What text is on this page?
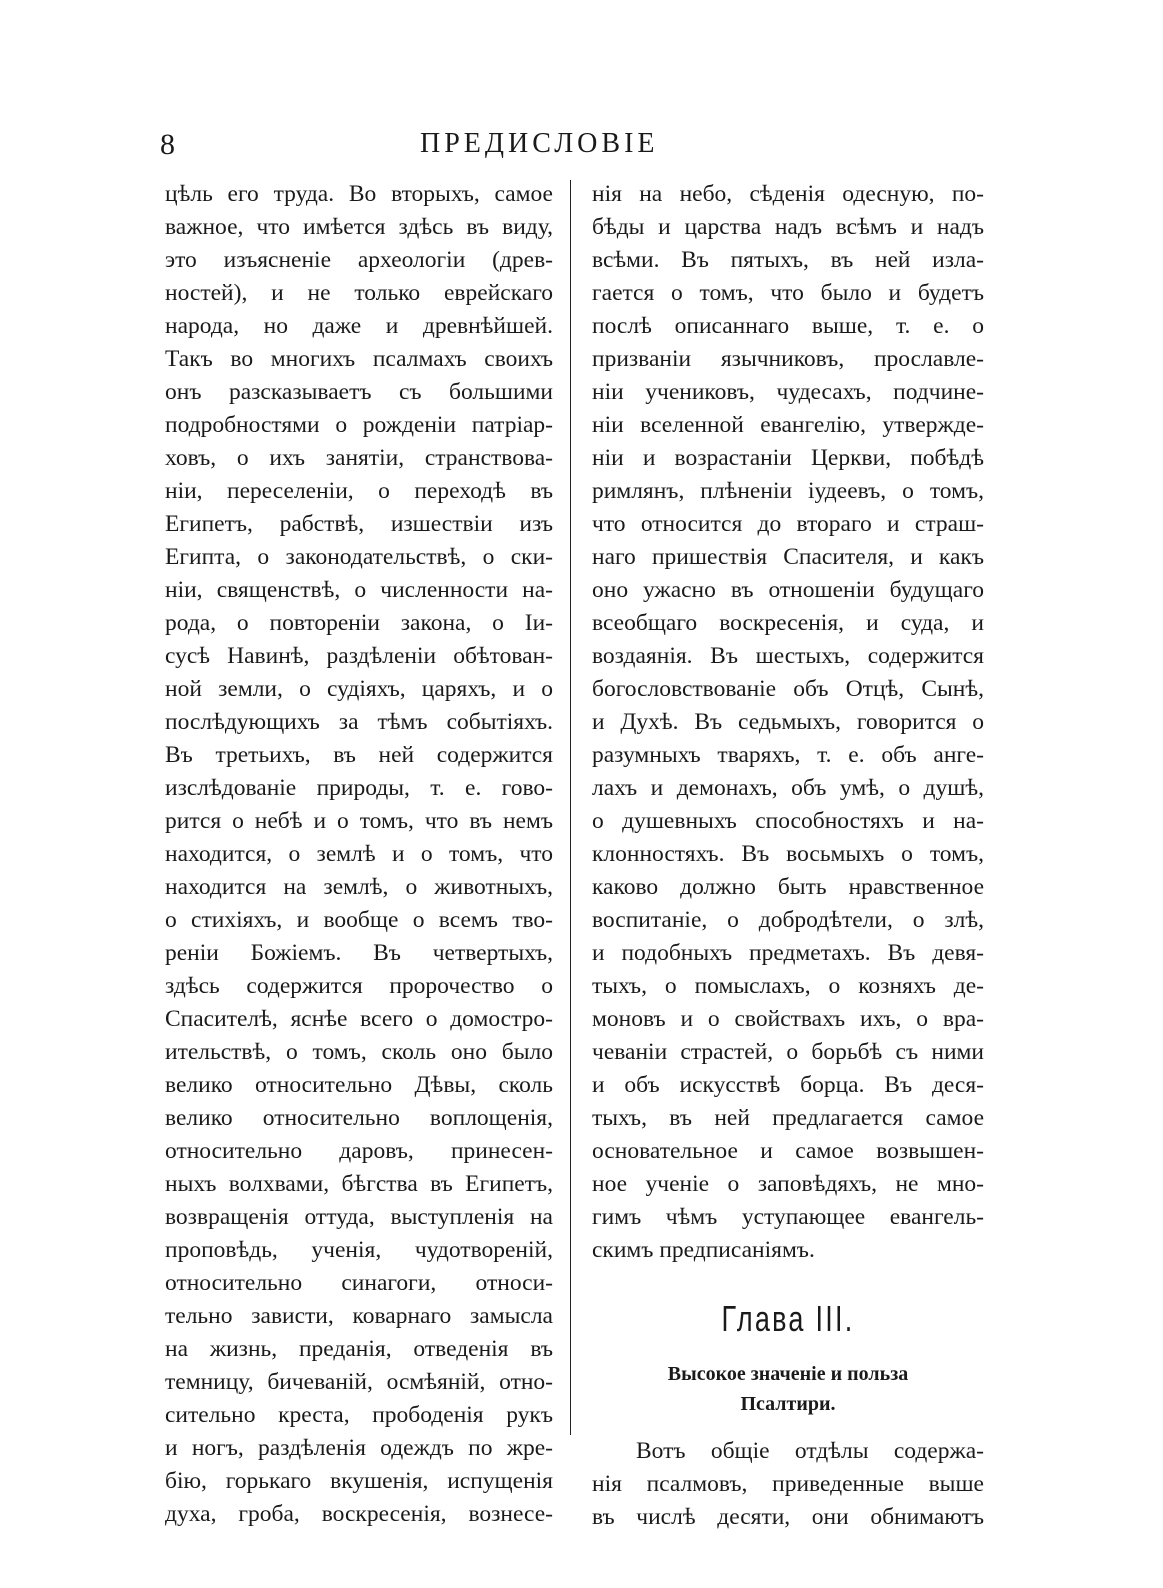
8	ПРЕДИСЛОВІЕ
цѣль его труда. Во вторыхъ, самое
важное, что имѣется здѣсь въ виду,
это изъясненіе археологіи (древ-
ностей), и не только еврейскаго
народа, но даже и древнѣйшей.
Такъ во многихъ псалмахъ своихъ
онъ разсказываетъ съ большими
подробностями о рожденіи патріар-
ховъ, о ихъ занятіи, странствова-
ніи, переселеніи, о переходѣ въ
Египетъ, рабствѣ, изшествіи изъ
Египта, о законодательствѣ, о ски-
ніи, священствѣ, о численности на-
рода, о повтореніи закона, о Іи-
сусѣ Навинѣ, раздѣленіи обѣтован-
ной земли, о судіяхъ, царяхъ, и о
послѣдующихъ за тѣмъ событіяхъ.
Въ третьихъ, въ ней содержится
изслѣдованіе природы, т. е. гово-
рится о небѣ и о томъ, что въ немъ
находится, о землѣ и о томъ, что
находится на землѣ, о животныхъ,
о стихіяхъ, и вообще о всемъ тво-
реніи Божіемъ. Въ четвертыхъ,
здѣсь содержится пророчество о
Спасителѣ, яснѣе всего о домостро-
ительствѣ, о томъ, сколь оно было
велико относительно Дѣвы, сколь
велико относительно воплощенія,
относительно даровъ, принесен-
ныхъ волхвами, бѣгства въ Египетъ,
возвращенія оттуда, выступленія на
проповѣдь, ученія, чудотвореній,
относительно синагоги, относи-
тельно зависти, коварнаго замысла
на жизнь, преданія, отведенія въ
темницу, бичеваній, осмѣяній, отно-
сительно креста, прободенія рукъ
и ногъ, раздѣленія одеждъ по жре-
бію, горькаго вкушенія, испущенія
духа, гроба, воскресенія, вознесе-
нія на небо, сѣденія одесную, по-
бѣды и царства надъ всѣмъ и надъ
всѣми. Въ пятыхъ, въ ней изла-
гается о томъ, что было и будетъ
послѣ описаннаго выше, т. е. о
призваніи язычниковъ, прославле-
ніи учениковъ, чудесахъ, подчине-
ніи вселенной евангелію, утвержде-
ніи и возрастаніи Церкви, побѣдѣ
римлянъ, плѣненіи іудеевъ, о томъ,
что относится до втораго и страш-
наго пришествія Спасителя, и какъ
оно ужасно въ отношеніи будущаго
всеобщаго воскресенія, и суда, и
воздаянія. Въ шестыхъ, содержится
богословствованіе объ Отцѣ, Сынѣ,
и Духѣ. Въ седьмыхъ, говорится о
разумныхъ тваряхъ, т. е. объ анге-
лахъ и демонахъ, объ умѣ, о душѣ,
о душевныхъ способностяхъ и на-
клонностяхъ. Въ восьмыхъ о томъ,
каково должно быть нравственное
воспитаніе, о добродѣтели, о злѣ,
и подобныхъ предметахъ. Въ девя-
тыхъ, о помыслахъ, о козняхъ де-
моновъ и о свойствахъ ихъ, о вра-
чеваніи страстей, о борьбѣ съ ними
и объ искусствѣ борца. Въ деся-
тыхъ, въ ней предлагается самое
основательное и самое возвышен-
ное ученіе о заповѣдяхъ, не мно-
гимъ чѣмъ уступающее евангель-
скимъ предписаніямъ.
Глава III.
Высокое значеніе и польза
Псалтири.
Вотъ общіе отдѣлы содержа-
нія псалмовъ, приведенные выше
въ числѣ десяти, они обнимаютъ
